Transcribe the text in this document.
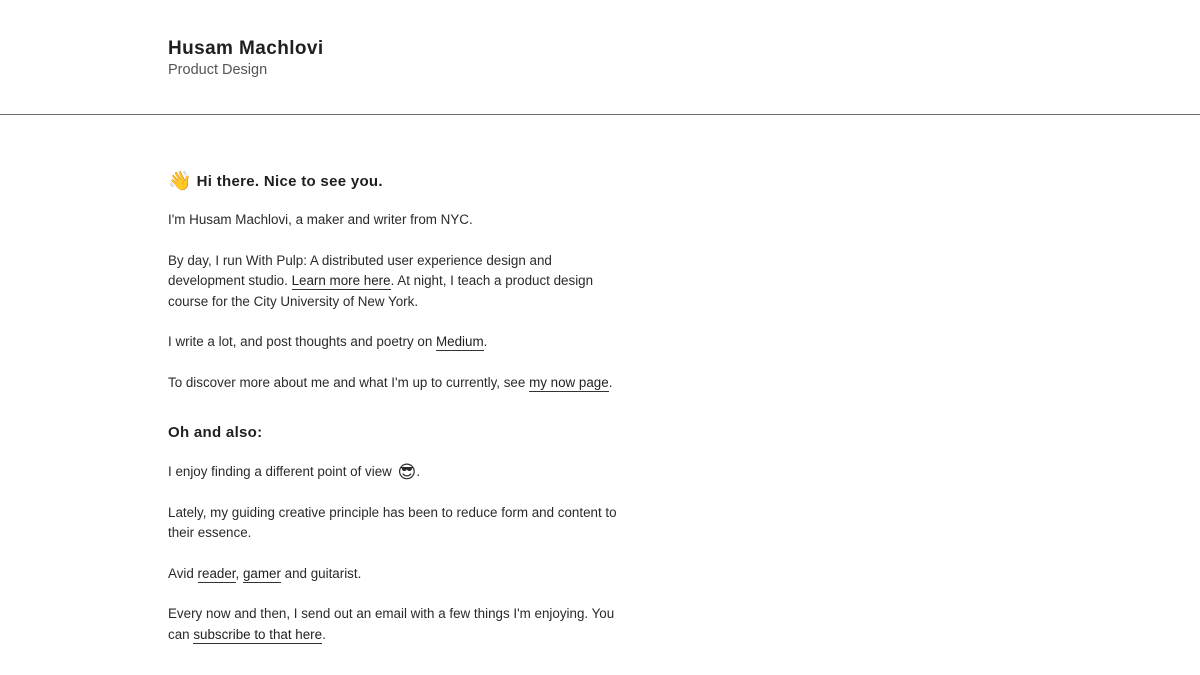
Husam Machlovi
Product Design
👋 Hi there. Nice to see you.

I'm Husam Machlovi, a maker and writer from NYC.

By day, I run With Pulp: A distributed user experience design and development studio. Learn more here. At night, I teach a product design course for the City University of New York.

I write a lot, and post thoughts and poetry on Medium.

To discover more about me and what I'm up to currently, see my now page.

Oh and also:

I enjoy finding a different point of view 😎.

Lately, my guiding creative principle has been to reduce form and content to their essence.

Avid reader, gamer and guitarist.

Every now and then, I send out an email with a few things I'm enjoying. You can subscribe to that here.
